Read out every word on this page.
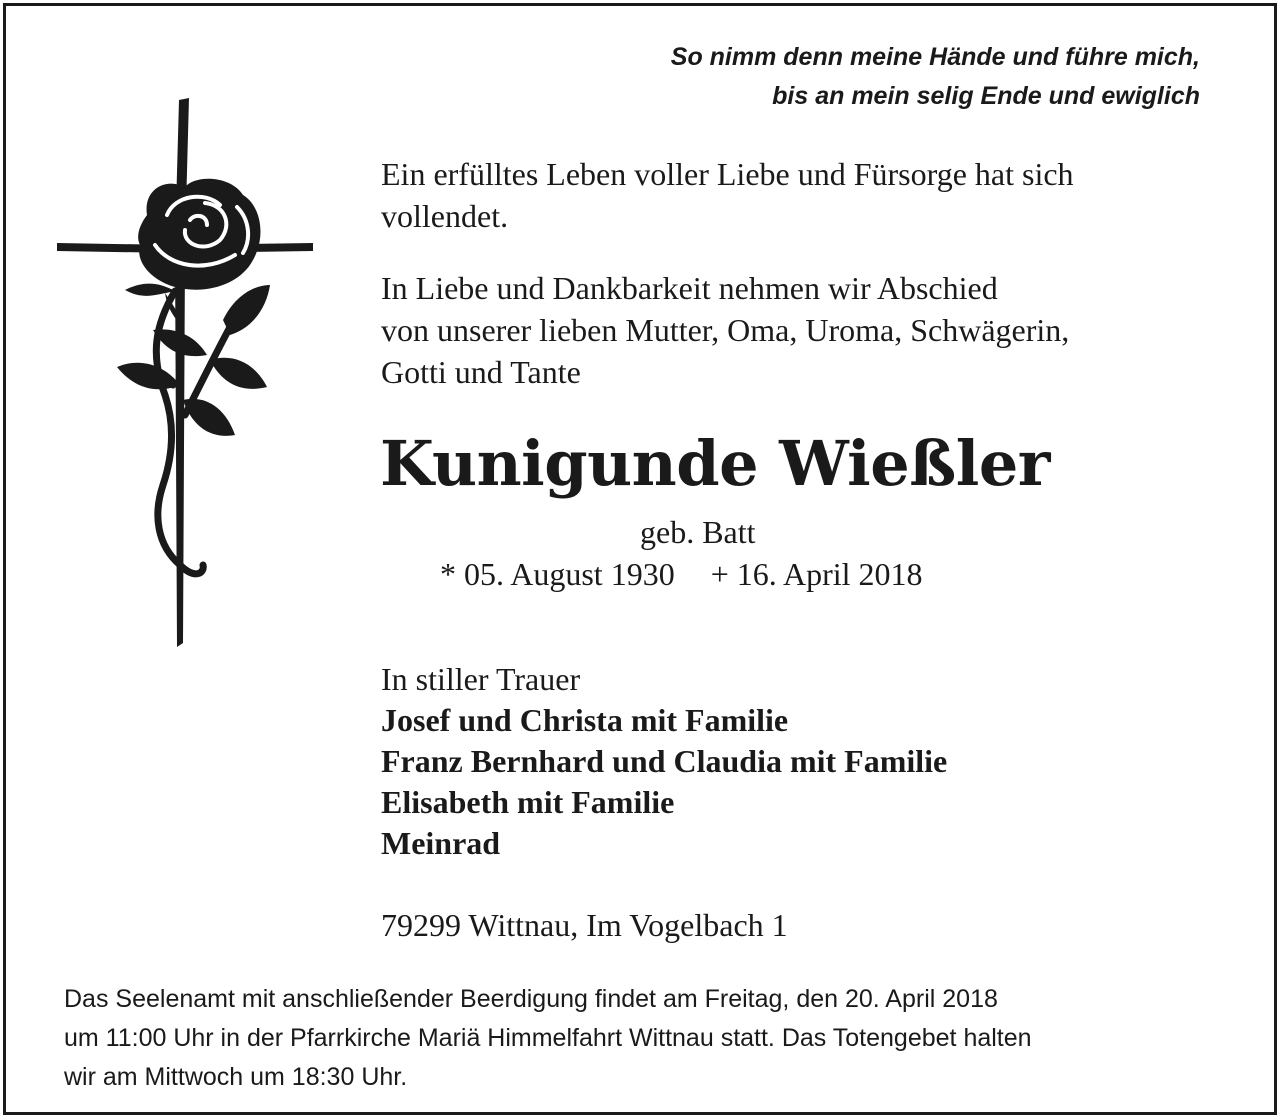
So nimm denn meine Hände und führe mich,
bis an mein selig Ende und ewiglich
Ein erfülltes Leben voller Liebe und Fürsorge hat sich
vollendet.
In Liebe und Dankbarkeit nehmen wir Abschied
von unserer lieben Mutter, Oma, Uroma, Schwägerin,
Gotti und Tante
Kunigunde Wießler
geb. Batt
* 05. August 1930 + 16. April 2018
In stiller Trauer
Josef und Christa mit Familie
Franz Bernhard und Claudia mit Familie
Elisabeth mit Familie
Meinrad
79299 Wittnau, Im Vogelbach 1
Das Seelenamt mit anschließender Beerdigung findet am Freitag, den 20. April 2018
um 11:00 Uhr in der Pfarrkirche Mariä Himmelfahrt Wittnau statt. Das Totengebet halten
wir am Mittwoch um 18:30 Uhr.
